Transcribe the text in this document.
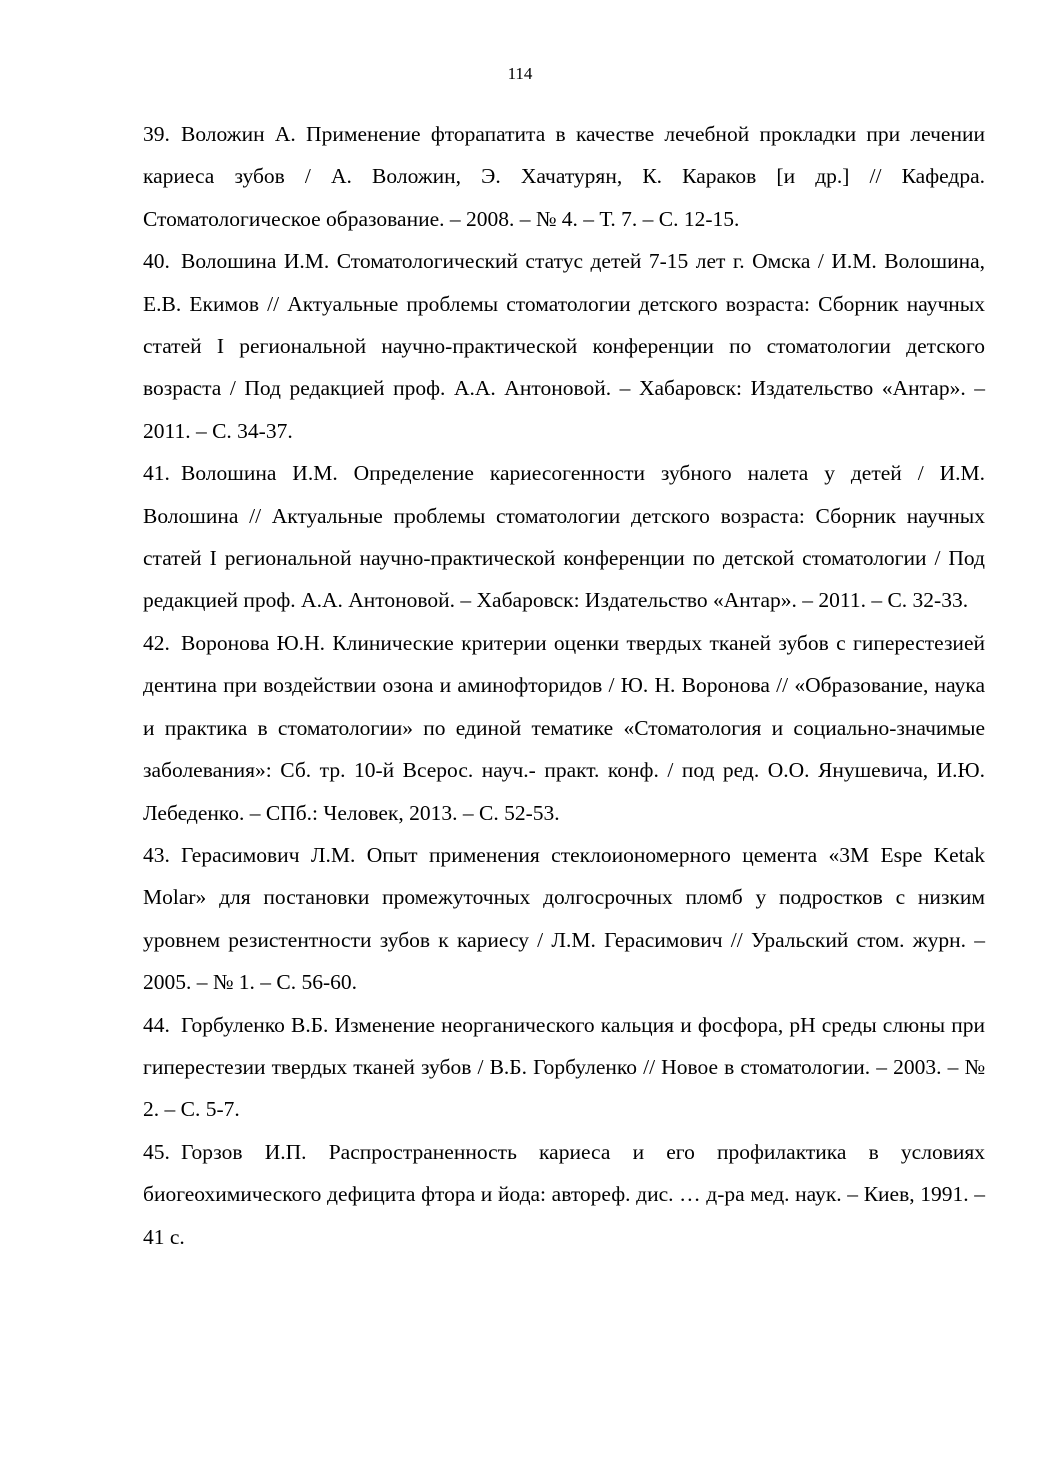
114
39. Воложин А. Применение фторапатита в качестве лечебной прокладки при лечении кариеса зубов / А. Воложин, Э. Хачатурян, К. Караков [и др.] // Кафедра. Стоматологическое образование. – 2008. – № 4. – Т. 7. – С. 12-15.
40. Волошина И.М. Стоматологический статус детей 7-15 лет г. Омска / И.М. Волошина, Е.В. Екимов // Актуальные проблемы стоматологии детского возраста: Сборник научных статей I региональной научно-практической конференции по стоматологии детского возраста / Под редакцией проф. А.А. Антоновой. – Хабаровск: Издательство «Антар». – 2011. – С. 34-37.
41. Волошина И.М. Определение кариесогенности зубного налета у детей / И.М. Волошина // Актуальные проблемы стоматологии детского возраста: Сборник научных статей I региональной научно-практической конференции по детской стоматологии / Под редакцией проф. А.А. Антоновой. – Хабаровск: Издательство «Антар». – 2011. – С. 32-33.
42. Воронова Ю.Н. Клинические критерии оценки твердых тканей зубов с гиперестезией дентина при воздействии озона и аминофторидов / Ю. Н. Воронова // «Образование, наука и практика в стоматологии» по единой тематике «Стоматология и социально-значимые заболевания»: Сб. тр. 10-й Всерос. науч.- практ. конф. / под ред. О.О. Янушевича, И.Ю. Лебеденко. – СПб.: Человек, 2013. – С. 52-53.
43. Герасимович Л.М. Опыт применения стеклоиономерного цемента «3M Espe Ketak Molar» для постановки промежуточных долгосрочных пломб у подростков с низким уровнем резистентности зубов к кариесу / Л.М. Герасимович // Уральский стом. журн. – 2005. – № 1. – С. 56-60.
44. Горбуленко В.Б. Изменение неорганического кальция и фосфора, pH среды слюны при гиперестезии твердых тканей зубов / В.Б. Горбуленко // Новое в стоматологии. – 2003. – № 2. – С. 5-7.
45. Горзов И.П. Распространенность кариеса и его профилактика в условиях биогеохимического дефицита фтора и йода: автореф. дис. … д-ра мед. наук. – Киев, 1991. – 41 с.
